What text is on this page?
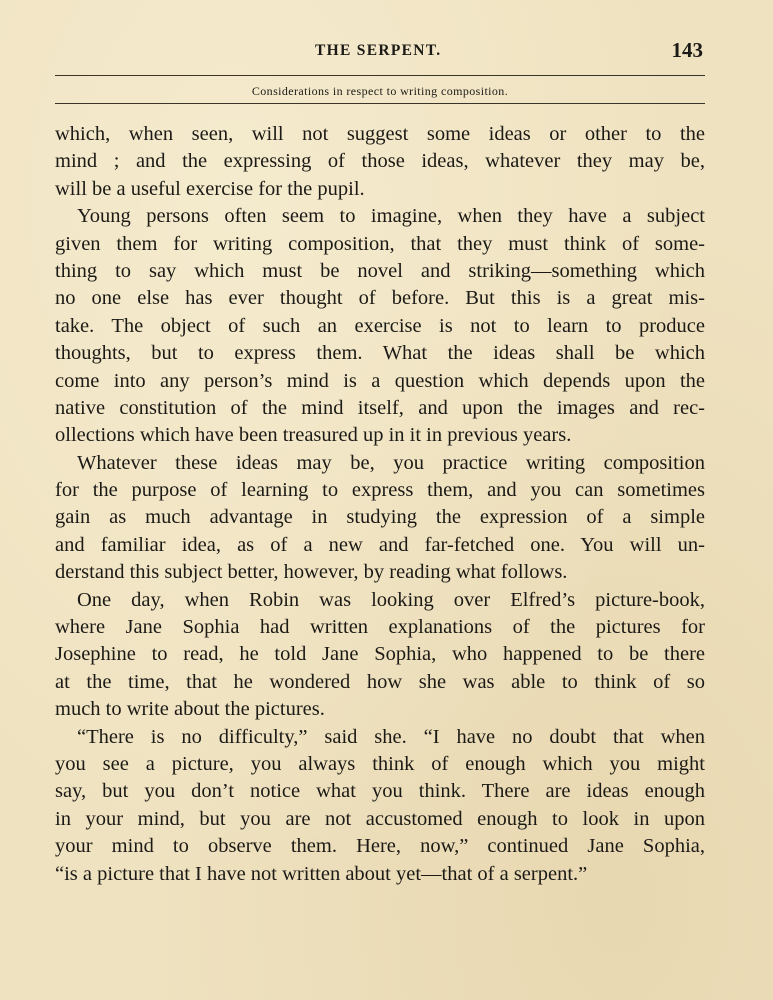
THE SERPENT.	143
Considerations in respect to writing composition.
which, when seen, will not suggest some ideas or other to the
mind ; and the expressing of those ideas, whatever they may be,
will be a useful exercise for the pupil.
Young persons often seem to imagine, when they have a subject
given them for writing composition, that they must think of some-
thing to say which must be novel and striking—something which
no one else has ever thought of before. But this is a great mis-
take. The object of such an exercise is not to learn to produce
thoughts, but to express them. What the ideas shall be which
come into any person’s mind is a question which depends upon the
native constitution of the mind itself, and upon the images and rec-
ollections which have been treasured up in it in previous years.
Whatever these ideas may be, you practice writing composition
for the purpose of learning to express them, and you can sometimes
gain as much advantage in studying the expression of a simple
and familiar idea, as of a new and far-fetched one. You will un-
derstand this subject better, however, by reading what follows.
One day, when Robin was looking over Elfred’s picture-book,
where Jane Sophia had written explanations of the pictures for
Josephine to read, he told Jane Sophia, who happened to be there
at the time, that he wondered how she was able to think of so
much to write about the pictures.
“There is no difficulty,” said she. “I have no doubt that when
you see a picture, you always think of enough which you might
say, but you don’t notice what you think. There are ideas enough
in your mind, but you are not accustomed enough to look in upon
your mind to observe them. Here, now,” continued Jane Sophia,
“is a picture that I have not written about yet—that of a serpent.”
